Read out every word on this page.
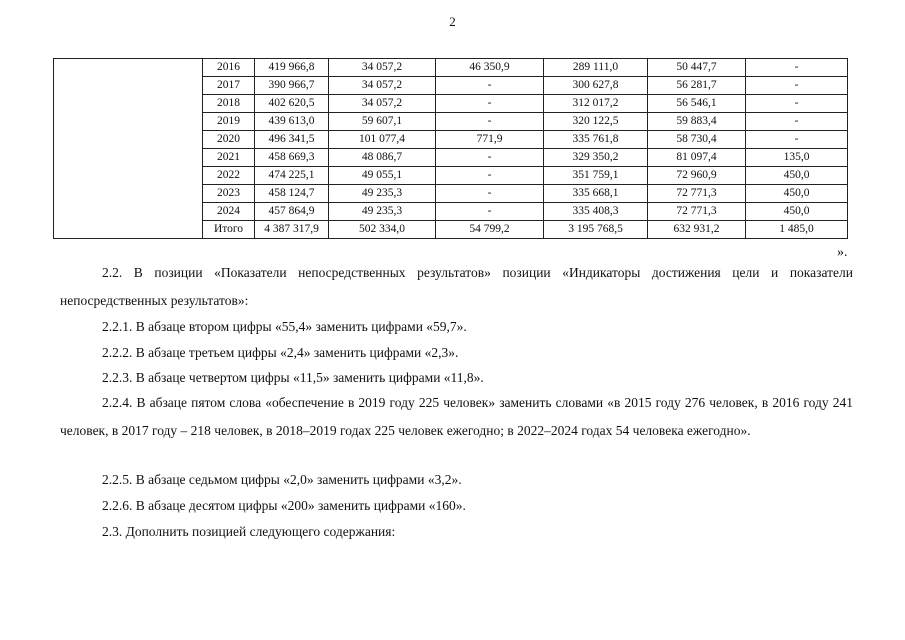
2
	2016	419 966,8	34 057,2	46 350,9	289 111,0	50 447,7	-
	2017	390 966,7	34 057,2	-	300 627,8	56 281,7	-
	2018	402 620,5	34 057,2	-	312 017,2	56 546,1	-
	2019	439 613,0	59 607,1	-	320 122,5	59 883,4	-
	2020	496 341,5	101 077,4	771,9	335 761,8	58 730,4	-
	2021	458 669,3	48 086,7	-	329 350,2	81 097,4	135,0
	2022	474 225,1	49 055,1	-	351 759,1	72 960,9	450,0
	2023	458 124,7	49 235,3	-	335 668,1	72 771,3	450,0
	2024	457 864,9	49 235,3	-	335 408,3	72 771,3	450,0
	Итого	4 387 317,9	502 334,0	54 799,2	3 195 768,5	632 931,2	1 485,0
».

2.2. В позиции «Показатели непосредственных результатов» позиции «Индикаторы достижения цели и показатели непосредственных результатов»:

2.2.1. В абзаце втором цифры «55,4» заменить цифрами «59,7».

2.2.2. В абзаце третьем цифры «2,4» заменить цифрами «2,3».

2.2.3. В абзаце четвертом цифры «11,5» заменить цифрами «11,8».

2.2.4. В абзаце пятом слова «обеспечение в 2019 году 225 человек» заменить словами «в 2015 году 276 человек, в 2016 году 241 человек, в 2017 году – 218 человек, в 2018–2019 годах 225 человек ежегодно; в 2022–2024 годах 54 человека ежегодно».

2.2.5. В абзаце седьмом цифры «2,0» заменить цифрами «3,2».

2.2.6. В абзаце десятом цифры «200» заменить цифрами «160».

2.3. Дополнить позицией следующего содержания:
